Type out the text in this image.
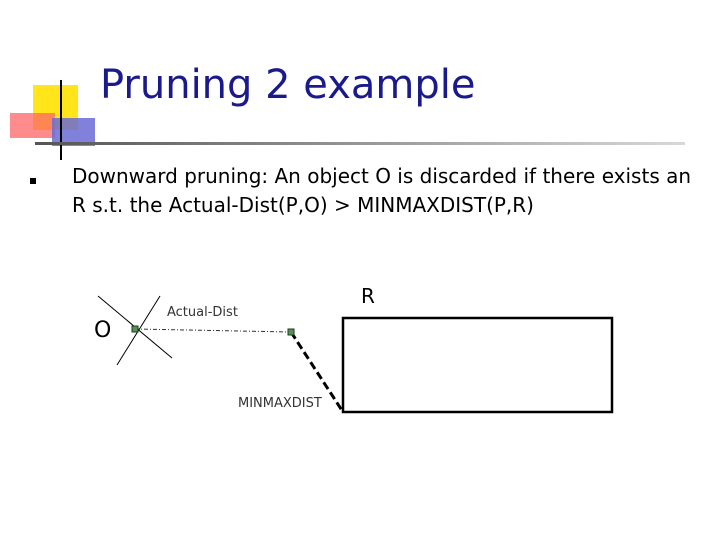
Pruning 2 example

Downward pruning: An object O is discarded if there exists an R s.t. the Actual-Dist(P,O) > MINMAXDIST(P,R)

O
R
Actual-Dist
MINMAXDIST
